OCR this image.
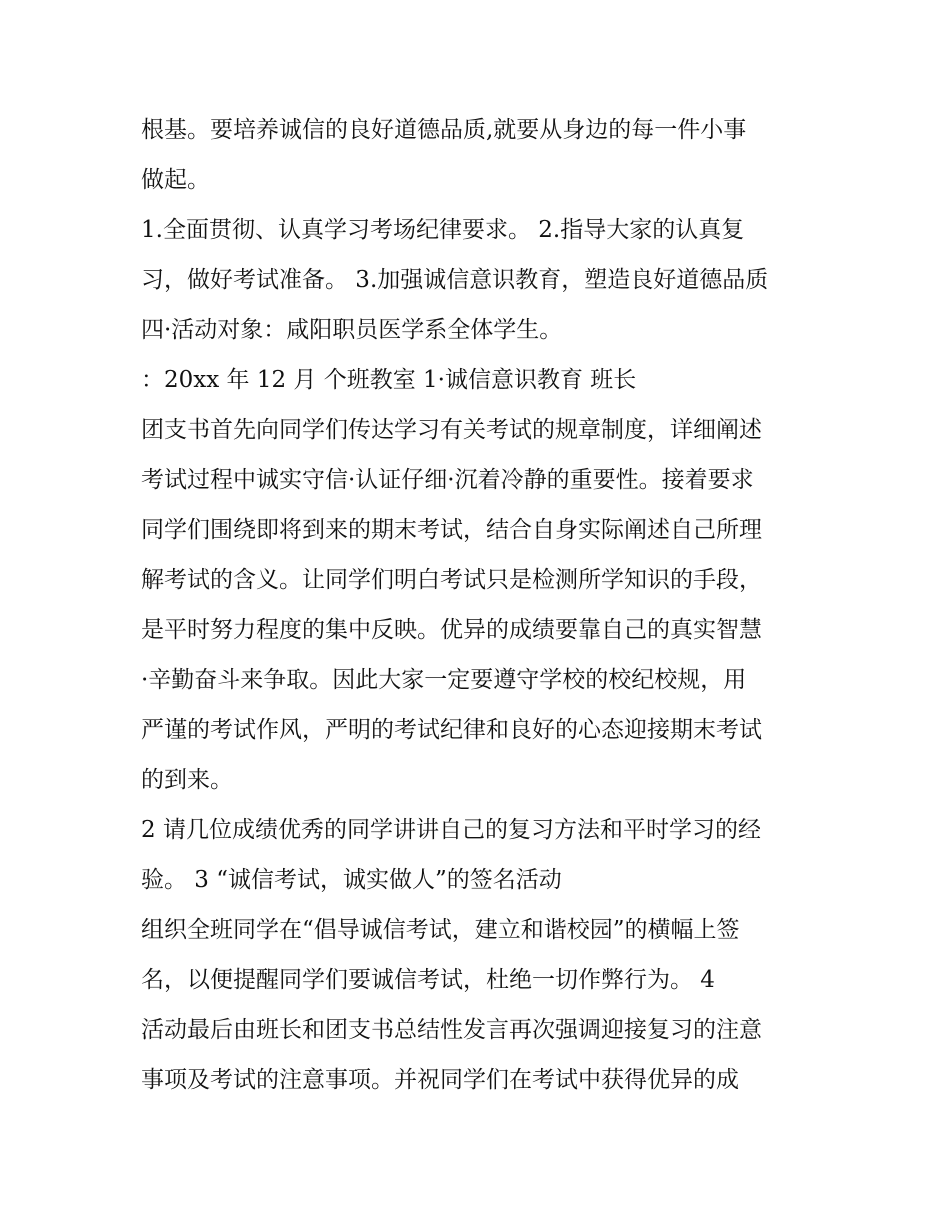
根基。要培养诚信的良好道德品质,就要从身边的每一件小事
做起。
1.全面贯彻、认真学习考场纪律要求。 2.指导大家的认真复
习，做好考试准备。 3.加强诚信意识教育，塑造良好道德品质
四·活动对象：咸阳职员医学系全体学生。
：20xx 年 12 月 个班教室 1·诚信意识教育 班长
团支书首先向同学们传达学习有关考试的规章制度，详细阐述
考试过程中诚实守信·认证仔细·沉着冷静的重要性。接着要求
同学们围绕即将到来的期末考试，结合自身实际阐述自己所理
解考试的含义。让同学们明白考试只是检测所学知识的手段，
是平时努力程度的集中反映。优异的成绩要靠自己的真实智慧
·辛勤奋斗来争取。因此大家一定要遵守学校的校纪校规，用
严谨的考试作风，严明的考试纪律和良好的心态迎接期末考试
的到来。
2 请几位成绩优秀的同学讲讲自己的复习方法和平时学习的经
验。 3 “诚信考试，诚实做人”的签名活动
组织全班同学在“倡导诚信考试，建立和谐校园”的横幅上签
名，以便提醒同学们要诚信考试，杜绝一切作弊行为。 4
活动最后由班长和团支书总结性发言再次强调迎接复习的注意
事项及考试的注意事项。并祝同学们在考试中获得优异的成
